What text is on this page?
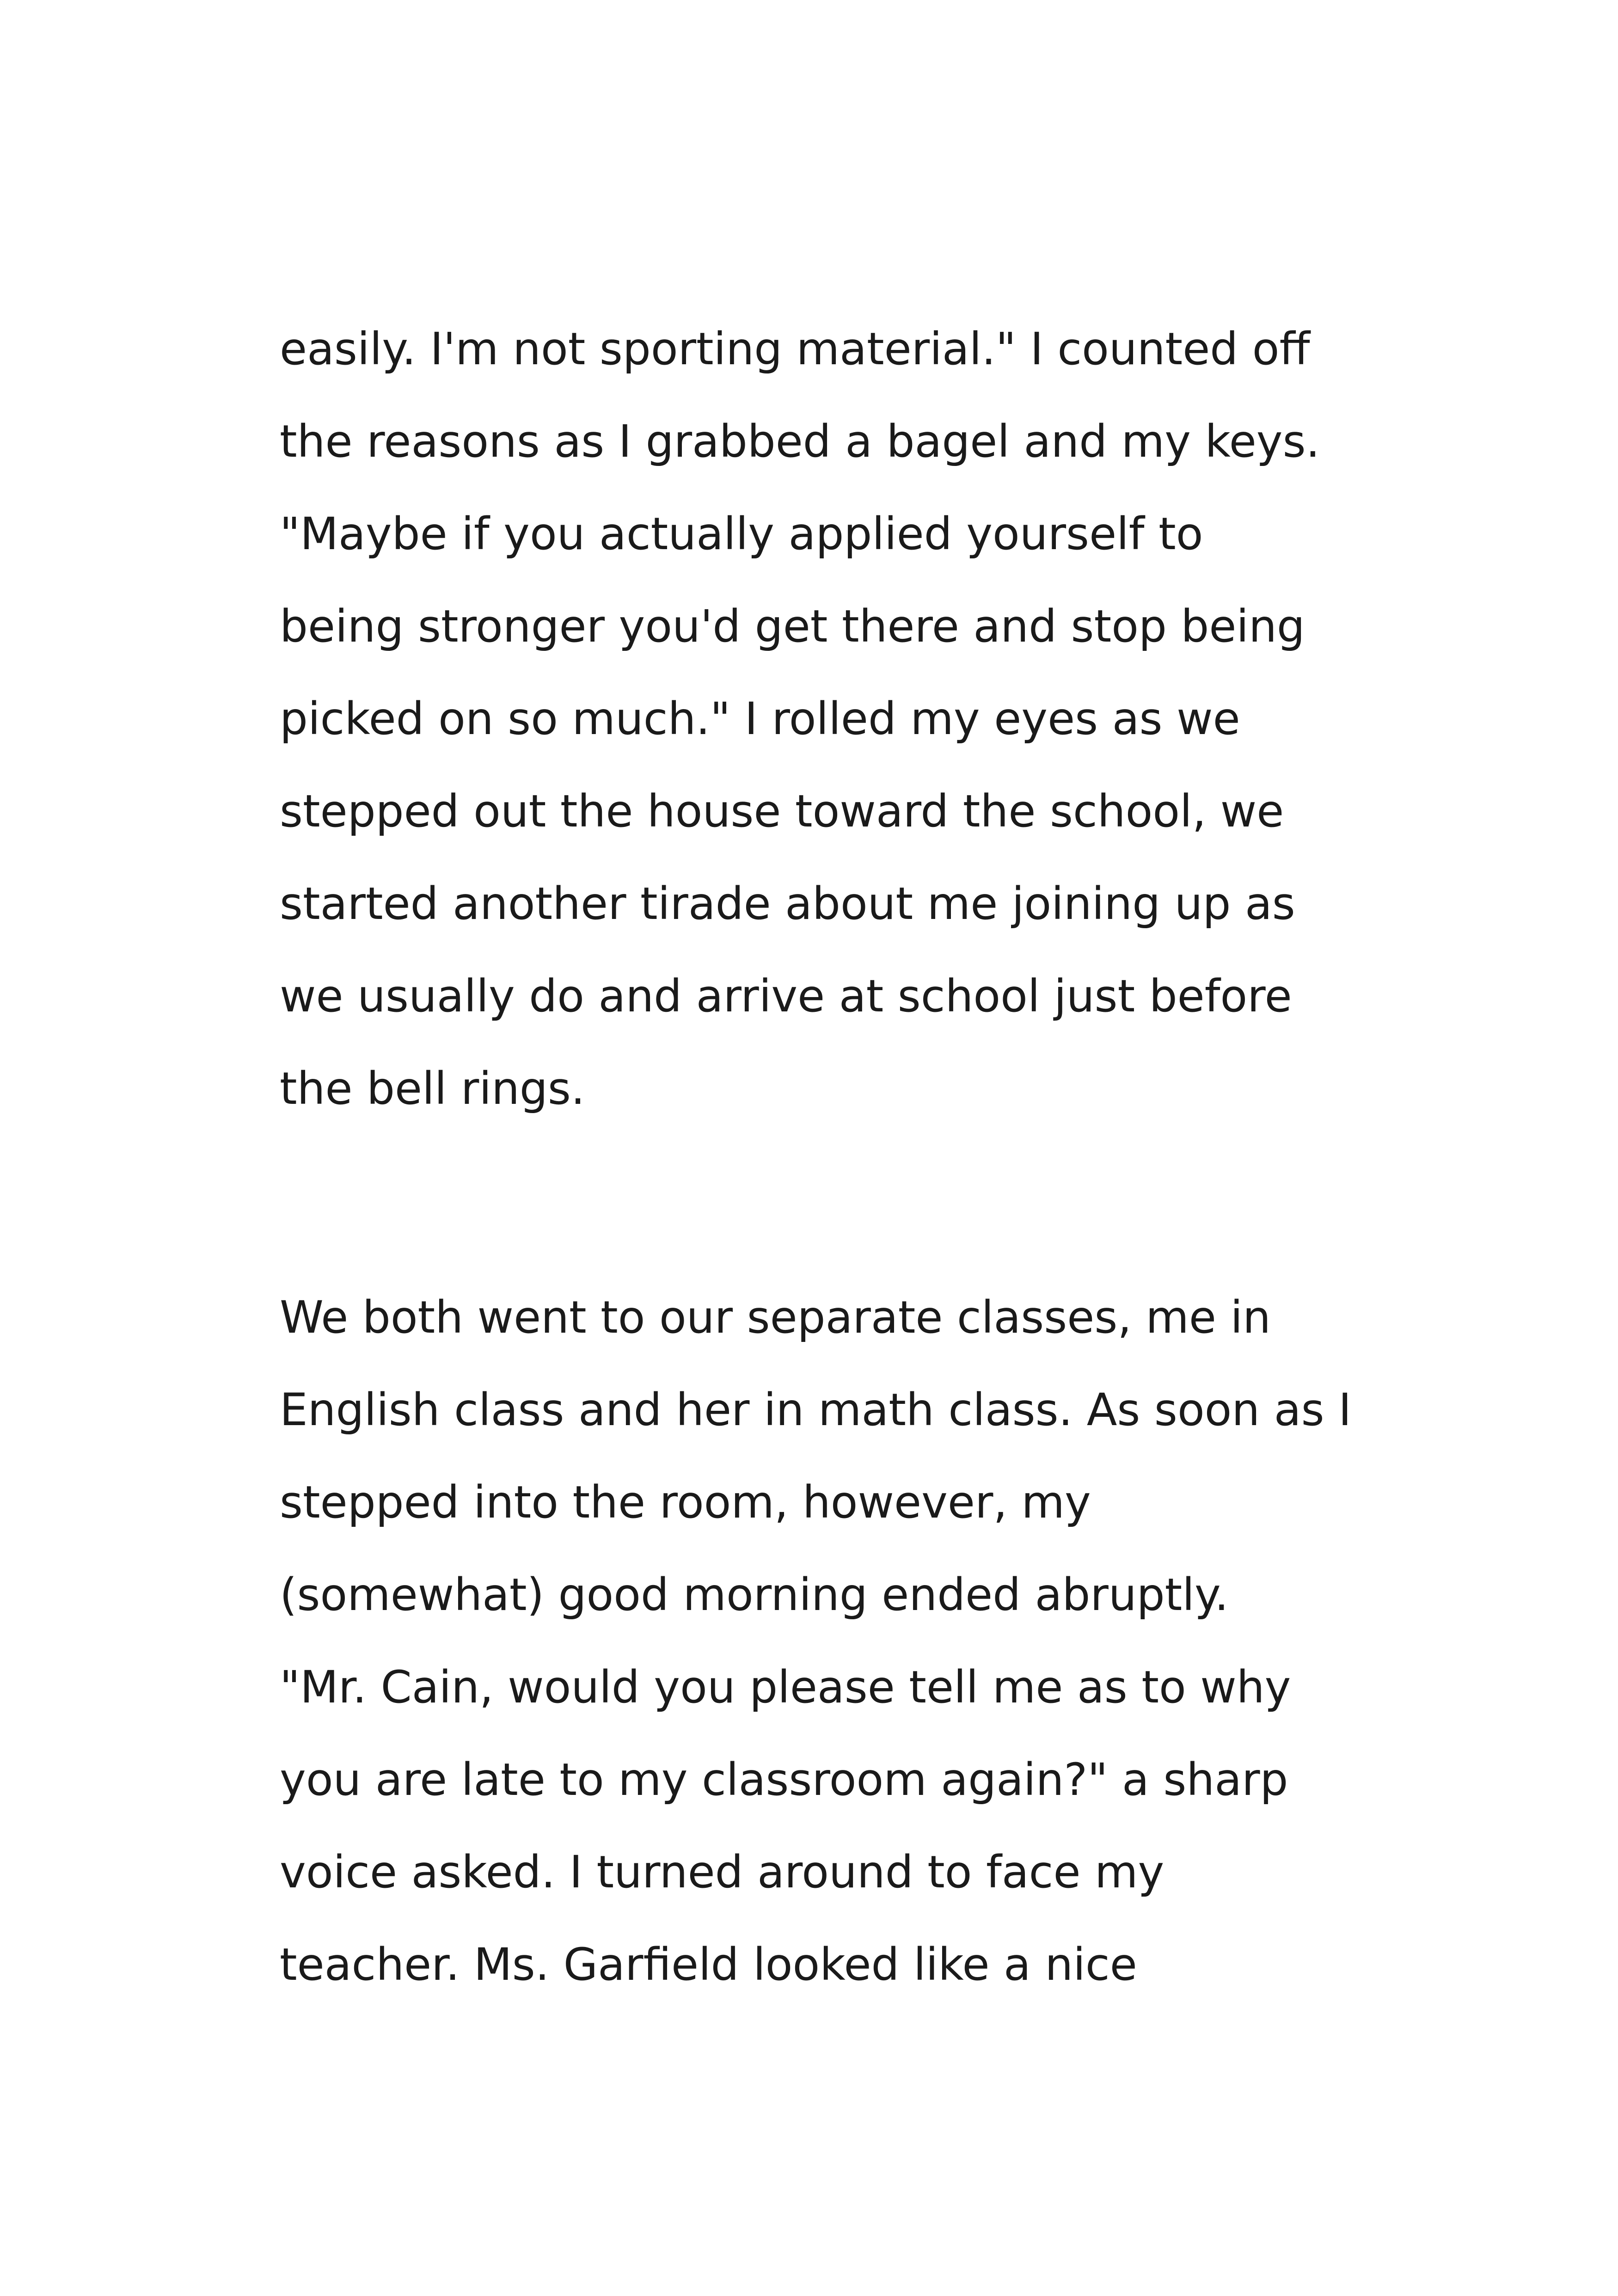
easily. I'm not sporting material." I counted off
the reasons as I grabbed a bagel and my keys.
"Maybe if you actually applied yourself to
being stronger you'd get there and stop being
picked on so much." I rolled my eyes as we
stepped out the house toward the school, we
started another tirade about me joining up as
we usually do and arrive at school just before
the bell rings.
We both went to our separate classes, me in
English class and her in math class. As soon as I
stepped into the room, however, my
(somewhat) good morning ended abruptly.
"Mr. Cain, would you please tell me as to why
you are late to my classroom again?" a sharp
voice asked. I turned around to face my
teacher. Ms. Garfield looked like a nice
